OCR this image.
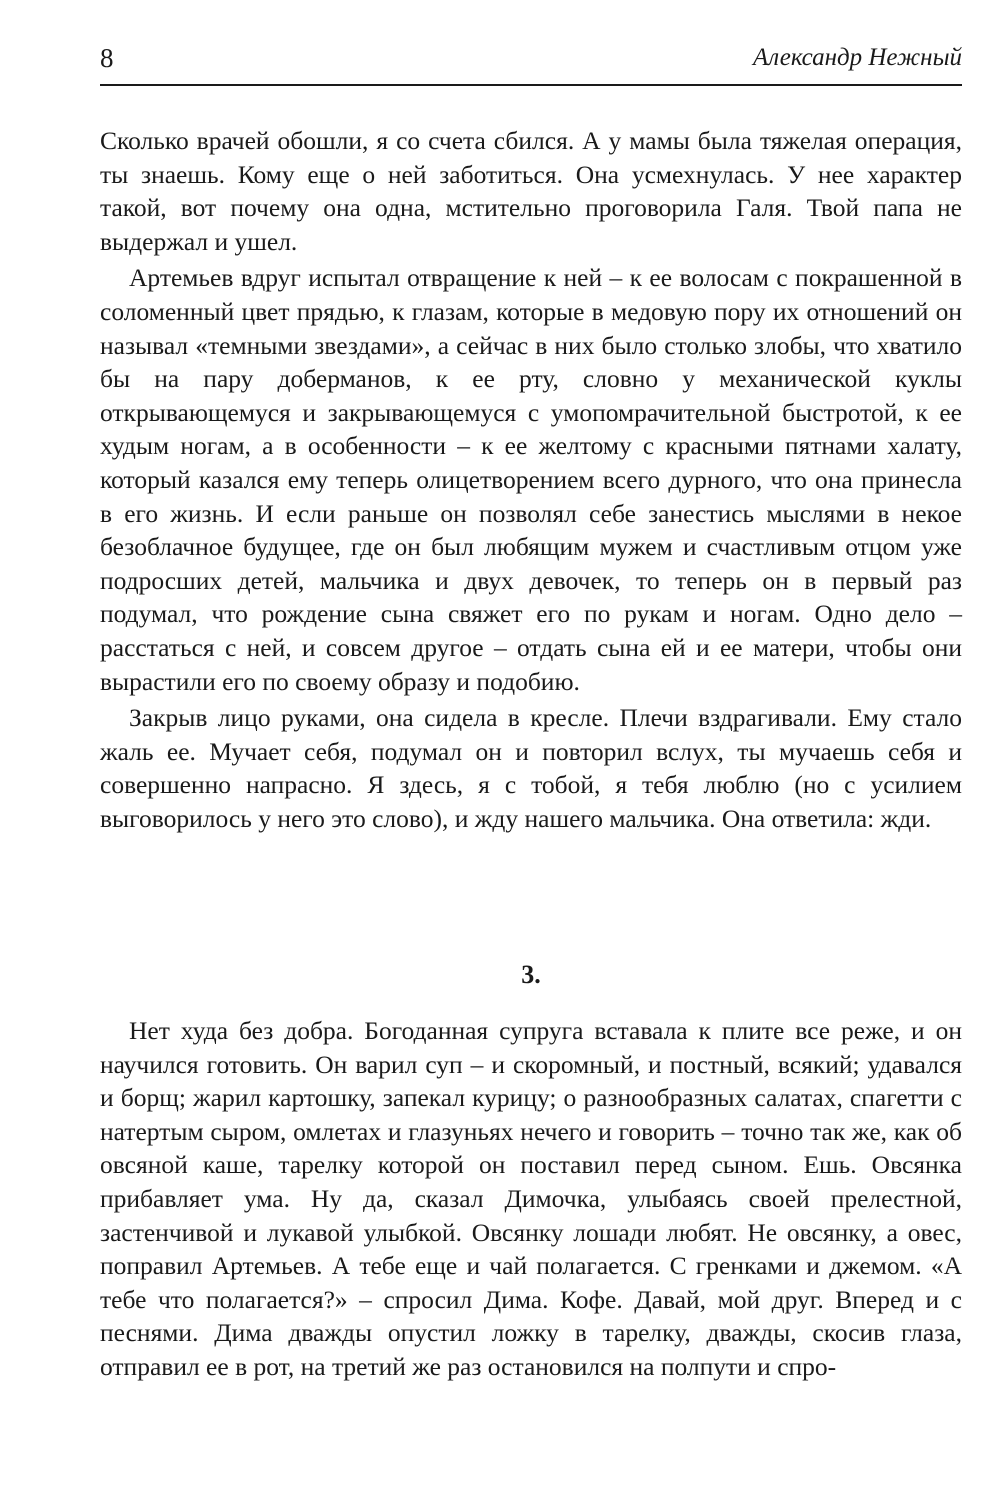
8	Александр Нежный

Сколько врачей обошли, я со счета сбился. А у мамы была тяжелая операция, ты знаешь. Кому еще о ней заботиться. Она усмехнулась. У нее характер такой, вот почему она одна, мстительно проговорила Галя. Твой папа не выдержал и ушел.

Артемьев вдруг испытал отвращение к ней – к ее волосам с покрашенной в соломенный цвет прядью, к глазам, которые в медовую пору их отношений он называл «темными звездами», а сейчас в них было столько злобы, что хватило бы на пару доберманов, к ее рту, словно у механической куклы открывающемуся и закрывающемуся с умопомрачительной быстротой, к ее худым ногам, а в особенности – к ее желтому с красными пятнами халату, который казался ему теперь олицетворением всего дурного, что она принесла в его жизнь. И если раньше он позволял себе занестись мыслями в некое безоблачное будущее, где он был любящим мужем и счастливым отцом уже подросших детей, мальчика и двух девочек, то теперь он в первый раз подумал, что рождение сына свяжет его по рукам и ногам. Одно дело – расстаться с ней, и совсем другое – отдать сына ей и ее матери, чтобы они вырастили его по своему образу и подобию.

Закрыв лицо руками, она сидела в кресле. Плечи вздрагивали. Ему стало жаль ее. Мучает себя, подумал он и повторил вслух, ты мучаешь себя и совершенно напрасно. Я здесь, я с тобой, я тебя люблю (но с усилием выговорилось у него это слово), и жду нашего мальчика. Она ответила: жди.

3.

Нет худа без добра. Богоданная супруга вставала к плите все реже, и он научился готовить. Он варил суп – и скоромный, и постный, всякий; удавался и борщ; жарил картошку, запекал курицу; о разнообразных салатах, спагетти с натертым сыром, омлетах и глазуньях нечего и говорить – точно так же, как об овсяной каше, тарелку которой он поставил перед сыном. Ешь. Овсянка прибавляет ума. Ну да, сказал Димочка, улыбаясь своей прелестной, застенчивой и лукавой улыбкой. Овсянку лошади любят. Не овсянку, а овес, поправил Артемьев. А тебе еще и чай полагается. С гренками и джемом. «А тебе что полагается?» – спросил Дима. Кофе. Давай, мой друг. Вперед и с песнями. Дима дважды опустил ложку в тарелку, дважды, скосив глаза, отправил ее в рот, на третий же раз остановился на полпути и спро-
